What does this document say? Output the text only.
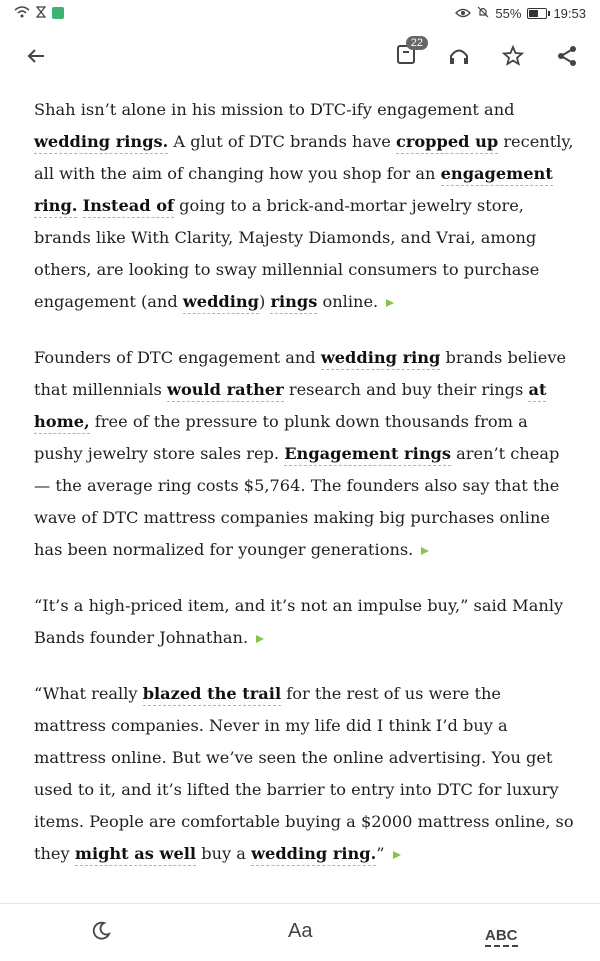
55% 19:53
22

Shah isn’t alone in his mission to DTC-ify engagement and wedding rings. A glut of DTC brands have cropped up recently, all with the aim of changing how you shop for an engagement ring. Instead of going to a brick-and-mortar jewelry store, brands like With Clarity, Majesty Diamonds, and Vrai, among others, are looking to sway millennial consumers to purchase engagement (and wedding) rings online.

Founders of DTC engagement and wedding ring brands believe that millennials would rather research and buy their rings at home, free of the pressure to plunk down thousands from a pushy jewelry store sales rep. Engagement rings aren’t cheap — the average ring costs $5,764. The founders also say that the wave of DTC mattress companies making big purchases online has been normalized for younger generations.

“It’s a high-priced item, and it’s not an impulse buy,” said Manly Bands founder Johnathan.

“What really blazed the trail for the rest of us were the mattress companies. Never in my life did I think I’d buy a mattress online. But we’ve seen the online advertising. You get used to it, and it’s lifted the barrier to entry into DTC for luxury items. People are comfortable buying a $2000 mattress online, so they might as well buy a wedding ring.”

Aa	ABC
